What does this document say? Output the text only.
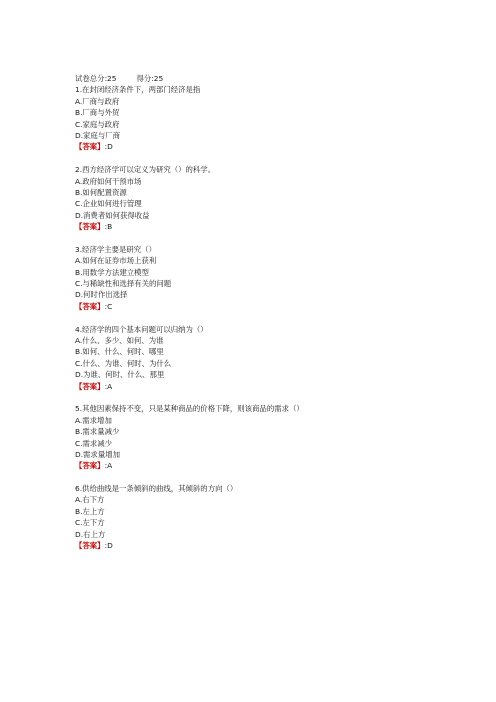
试卷总分:25	得分:25
1.在封闭经济条件下，两部门经济是指
A.厂商与政府
B.厂商与外贸
C.家庭与政府
D.家庭与厂商
【答案】:D
2.西方经济学可以定义为研究（）的科学。
A.政府如何干预市场
B.如何配置资源
C.企业如何进行管理
D.消费者如何获得收益
【答案】:B
3.经济学主要是研究（）
A.如何在证券市场上获利
B.用数学方法建立模型
C.与稀缺性和选择有关的问题
D.何时作出选择
【答案】:C
4.经济学的四个基本问题可以归纳为（）
A.什么、多少、如何、为谁
B.如何、什么、何时、哪里
C.什么、为谁、何时、为什么
D.为谁、何时、什么、那里
【答案】:A
5.其他因素保持不变，只是某种商品的价格下降，则该商品的需求（）
A.需求增加
B.需求量减少
C.需求减少
D.需求量增加
【答案】:A
6.供给曲线是一条倾斜的曲线，其倾斜的方向（）
A.右下方
B.左上方
C.左下方
D.右上方
【答案】:D
